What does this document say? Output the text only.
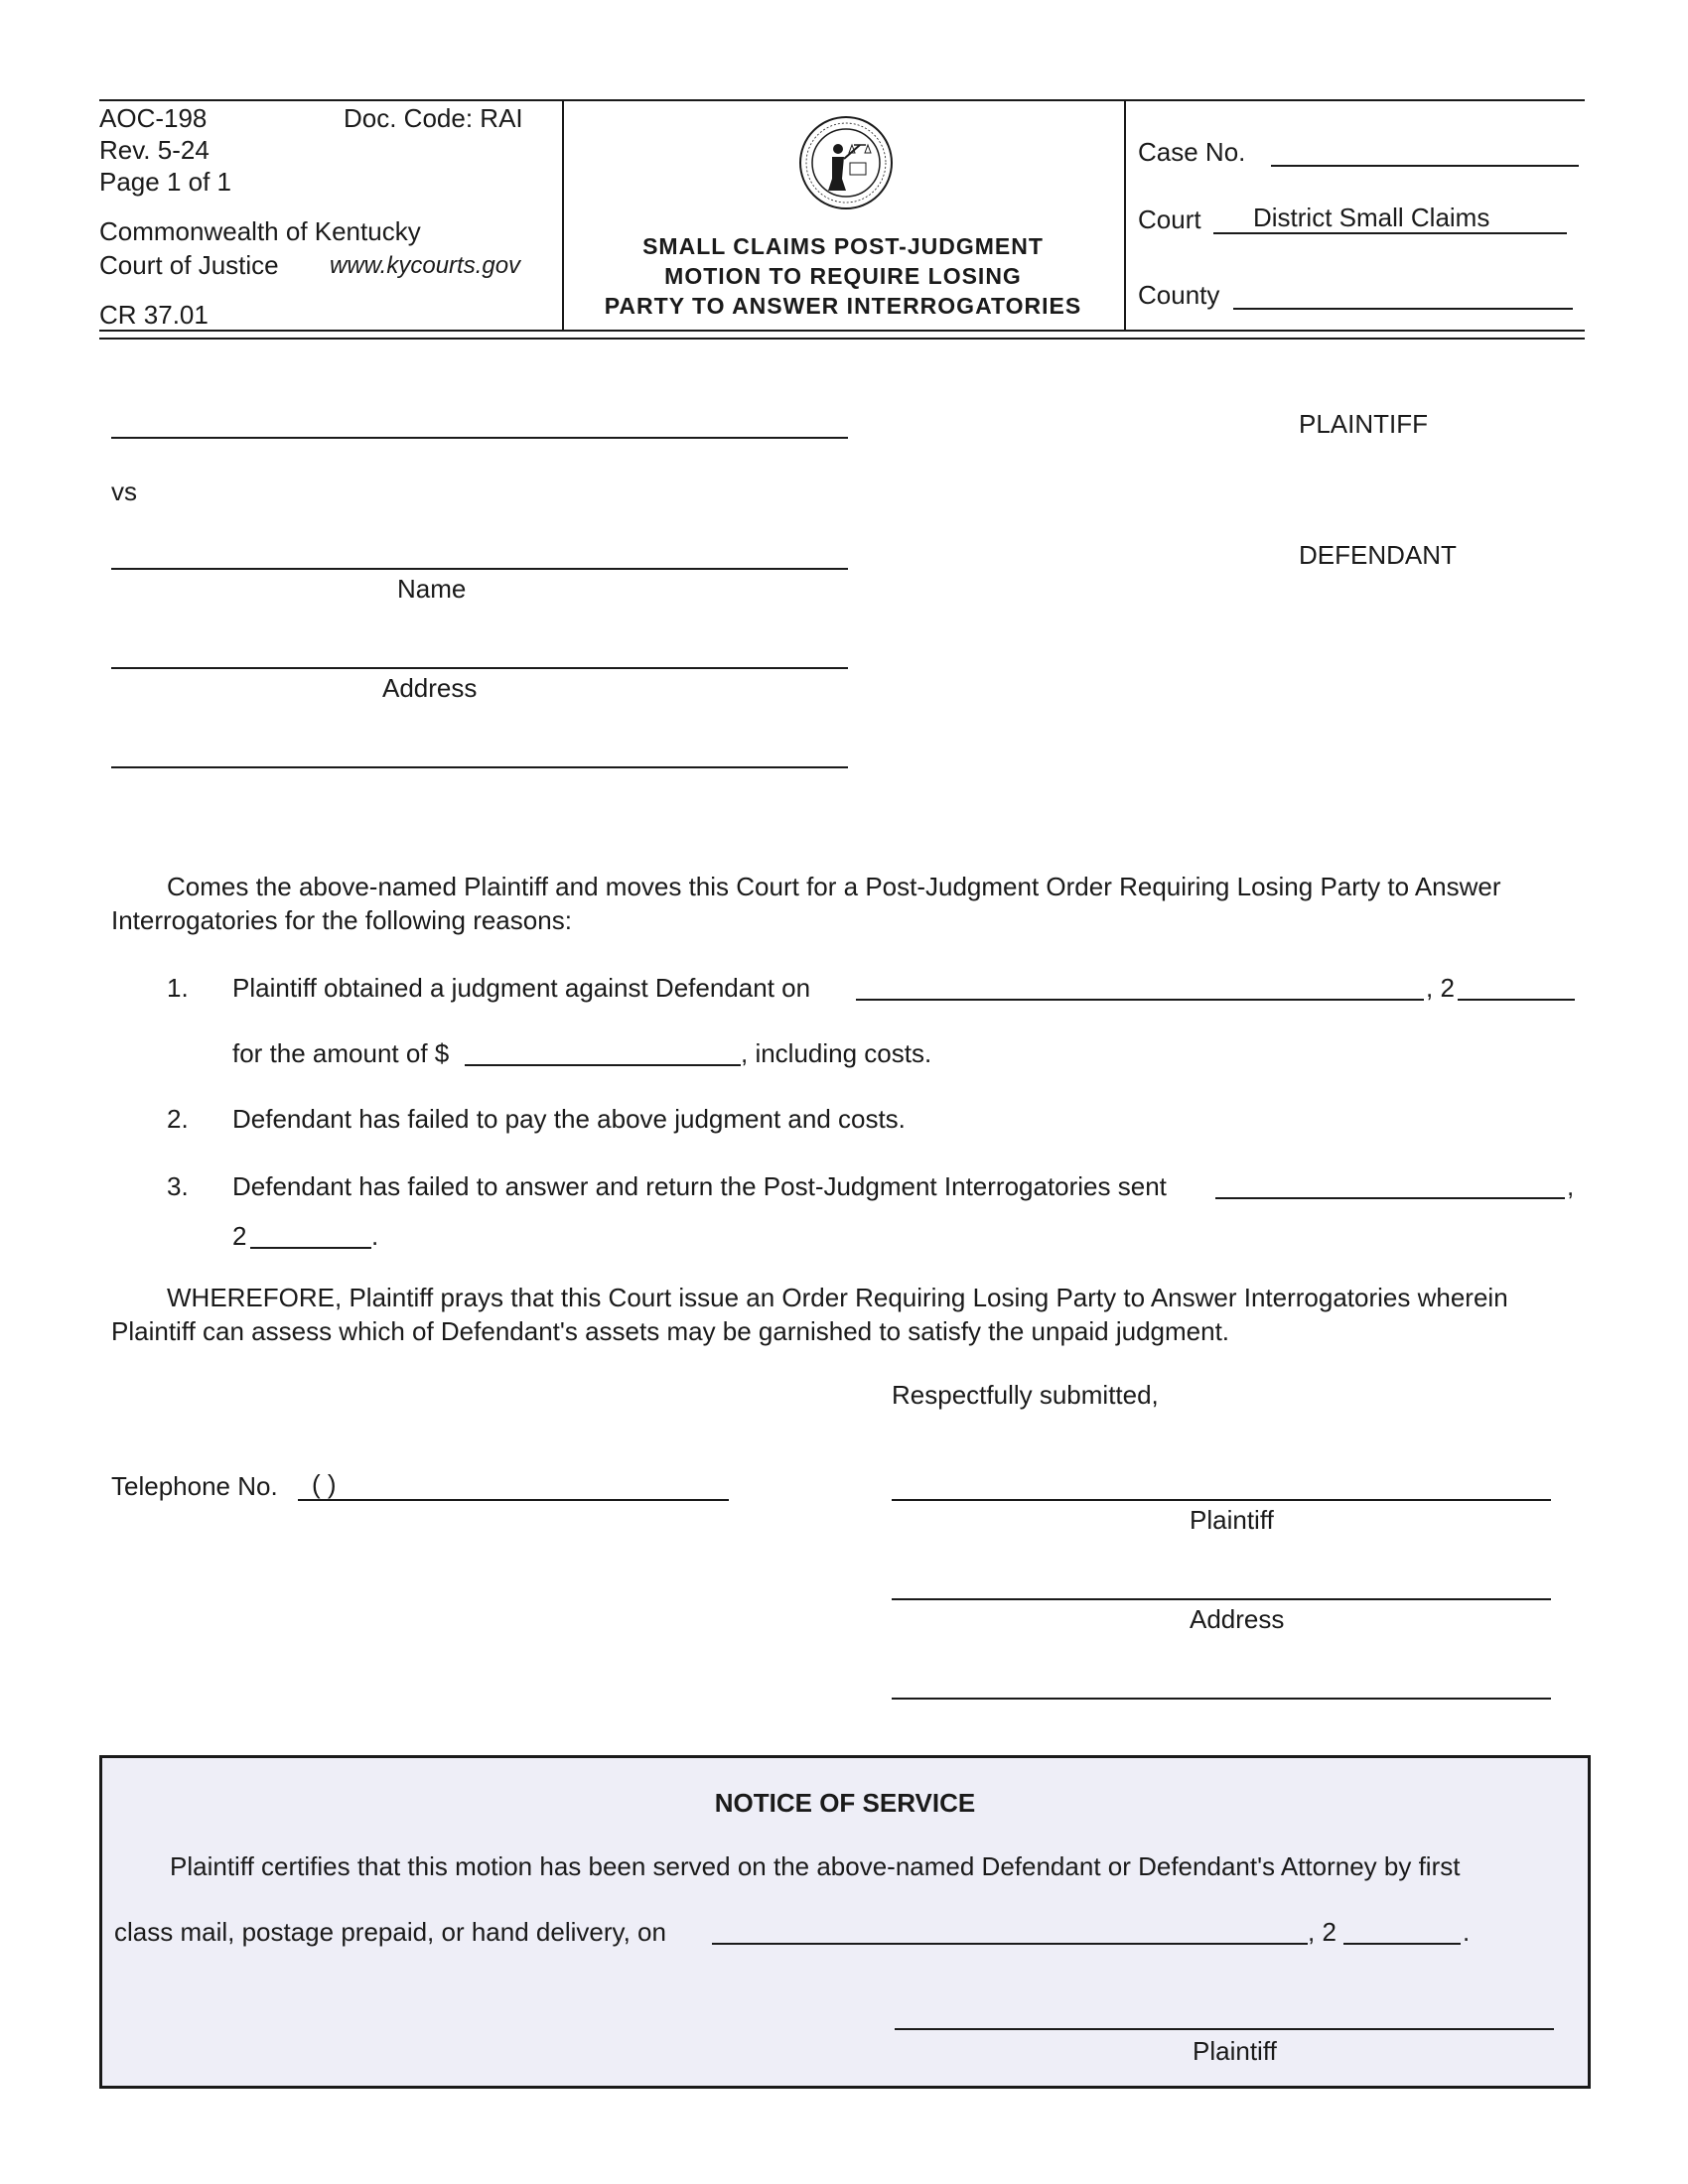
AOC-198	Doc. Code: RAI
Rev. 5-24
Page 1 of 1
Commonwealth of Kentucky
Court of Justice www.kycourts.gov
CR 37.01
SMALL CLAIMS POST-JUDGMENT
MOTION TO REQUIRE LOSING
PARTY TO ANSWER INTERROGATORIES
Case No.
Court District Small Claims
County
PLAINTIFF
vs
DEFENDANT
Name
Address
Comes the above-named Plaintiff and moves this Court for a Post-Judgment Order Requiring Losing Party to Answer Interrogatories for the following reasons:
1. Plaintiff obtained a judgment against Defendant on	, 2
for the amount of $	, including costs.
2. Defendant has failed to pay the above judgment and costs.
3. Defendant has failed to answer and return the Post-Judgment Interrogatories sent	,
2	.
WHEREFORE, Plaintiff prays that this Court issue an Order Requiring Losing Party to Answer Interrogatories wherein Plaintiff can assess which of Defendant's assets may be garnished to satisfy the unpaid judgment.
Respectfully submitted,
Telephone No. ( )
Plaintiff
Address
NOTICE OF SERVICE
Plaintiff certifies that this motion has been served on the above-named Defendant or Defendant's Attorney by first
class mail, postage prepaid, or hand delivery, on	, 2	.
Plaintiff
